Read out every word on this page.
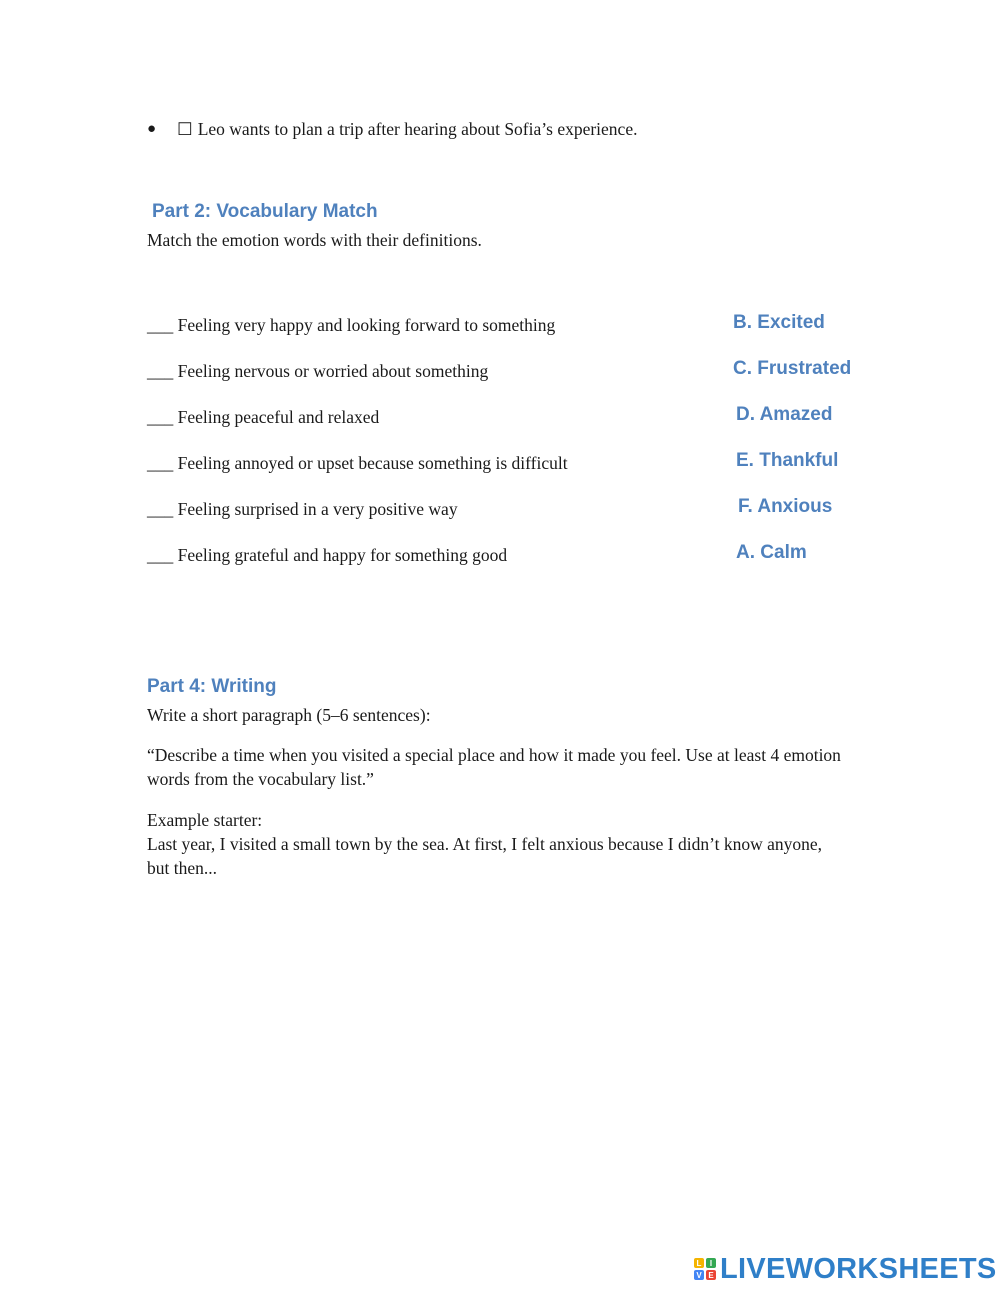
●	☐ Leo wants to plan a trip after hearing about Sofia’s experience.
Part 2: Vocabulary Match
Match the emotion words with their definitions.
___ Feeling very happy and looking forward to something
___ Feeling nervous or worried about something
___ Feeling peaceful and relaxed
___ Feeling annoyed or upset because something is difficult
___ Feeling surprised in a very positive way
___ Feeling grateful and happy for something good
B. Excited
C. Frustrated
D. Amazed
E. Thankful
F. Anxious
A. Calm
Part 4: Writing
Write a short paragraph (5–6 sentences):
“Describe a time when you visited a special place and how it made you feel. Use at least 4 emotion words from the vocabulary list.”
Example starter:
Last year, I visited a small town by the sea. At first, I felt anxious because I didn’t know anyone, but then...
L	I
V E LIVEWORKSHEETS
